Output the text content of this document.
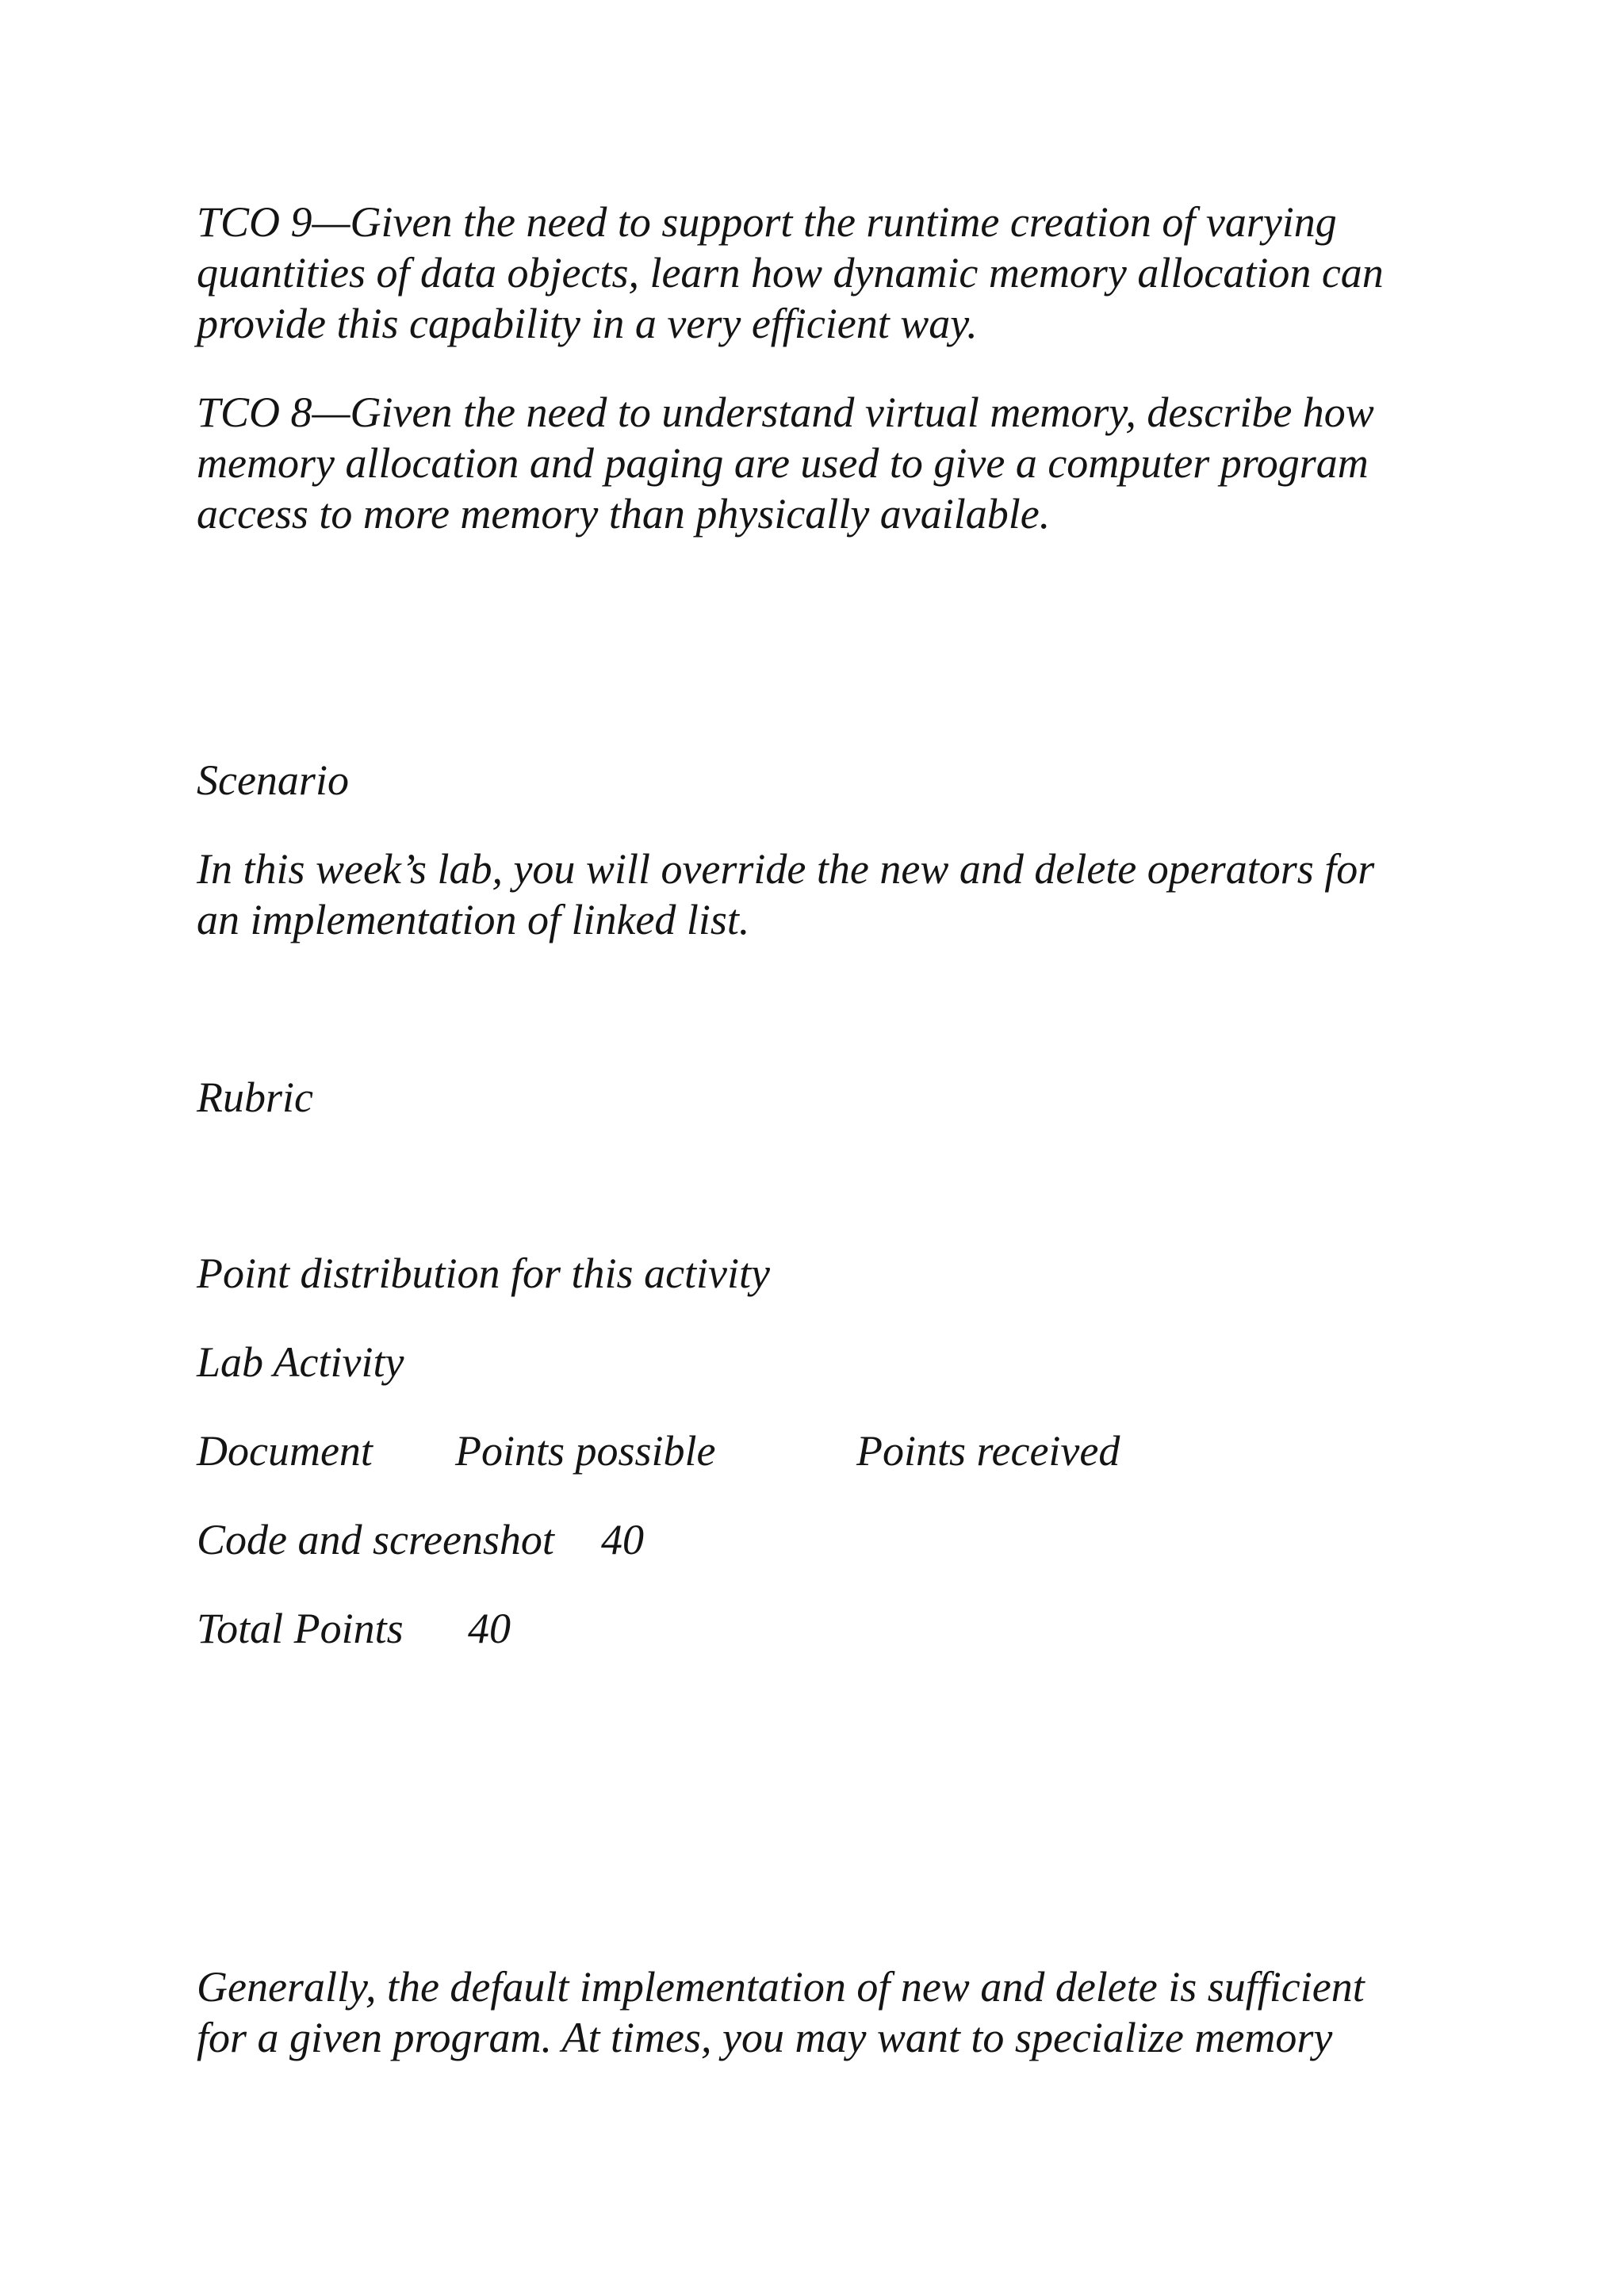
TCO 9—Given the need to support the runtime creation of varying
quantities of data objects, learn how dynamic memory allocation can
provide this capability in a very efficient way.

TCO 8—Given the need to understand virtual memory, describe how
memory allocation and paging are used to give a computer program
access to more memory than physically available.

Scenario

In this week’s lab, you will override the new and delete operators for
an implementation of linked list.

Rubric

Point distribution for this activity

Lab Activity

Document Points possible	Points received
Code and screenshot 40
Total Points 40

Generally, the default implementation of new and delete is sufficient
for a given program. At times, you may want to specialize memory
